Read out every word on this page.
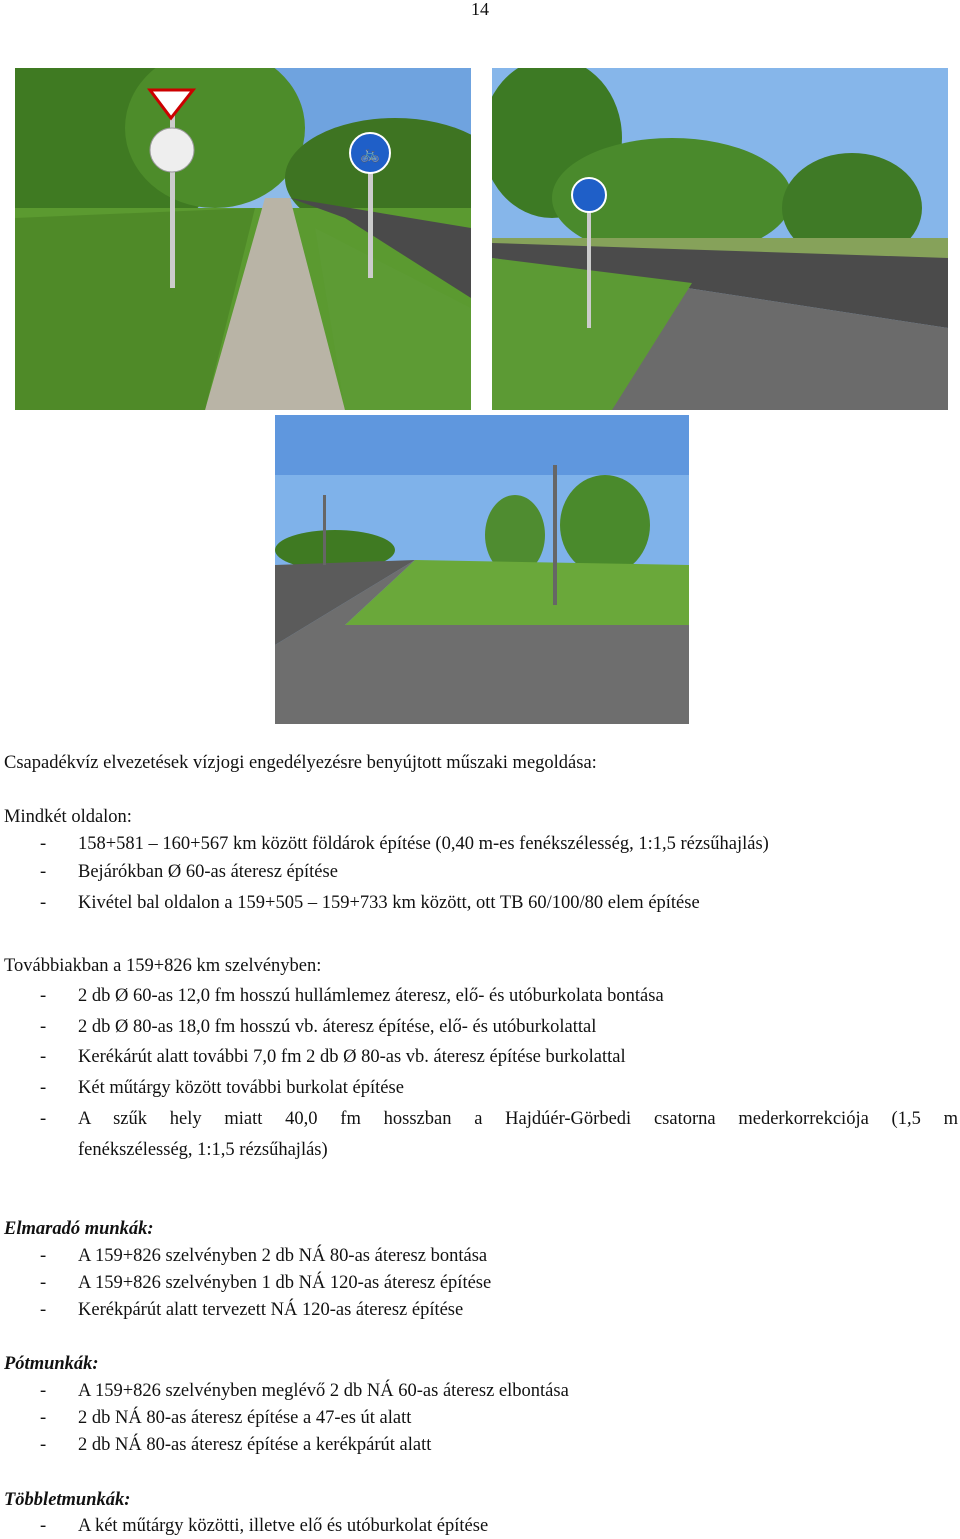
14
🚲
Csapadékvíz elvezetések vízjogi engedélyezésre benyújtott műszaki megoldása:
Mindkét oldalon:
- 158+581 – 160+567 km között földárok építése (0,40 m-es fenékszélesség, 1:1,5 rézsűhajlás)
- Bejárókban Ø 60-as áteresz építése
- Kivétel bal oldalon a 159+505 – 159+733 km között, ott TB 60/100/80 elem építése
Továbbiakban a 159+826 km szelvényben:
- 2 db Ø 60-as 12,0 fm hosszú hullámlemez áteresz, elő- és utóburkolata bontása
- 2 db Ø 80-as 18,0 fm hosszú vb. áteresz építése, elő- és utóburkolattal
- Kerékárút alatt további 7,0 fm 2 db Ø 80-as vb. áteresz építése burkolattal
- Két műtárgy között további burkolat építése
- A szűk hely miatt 40,0 fm hosszban a Hajdúér-Görbedi csatorna mederkorrekciója (1,5 m
fenékszélesség, 1:1,5 rézsűhajlás)
Elmaradó munkák:
- A 159+826 szelvényben 2 db NÁ 80-as áteresz bontása
- A 159+826 szelvényben 1 db NÁ 120-as áteresz építése
- Kerékpárút alatt tervezett NÁ 120-as áteresz építése
Pótmunkák:
- A 159+826 szelvényben meglévő 2 db NÁ 60-as áteresz elbontása
- 2 db NÁ 80-as áteresz építése a 47-es út alatt
- 2 db NÁ 80-as áteresz építése a kerékpárút alatt
Többletmunkák:
- A két műtárgy közötti, illetve elő és utóburkolat építése
